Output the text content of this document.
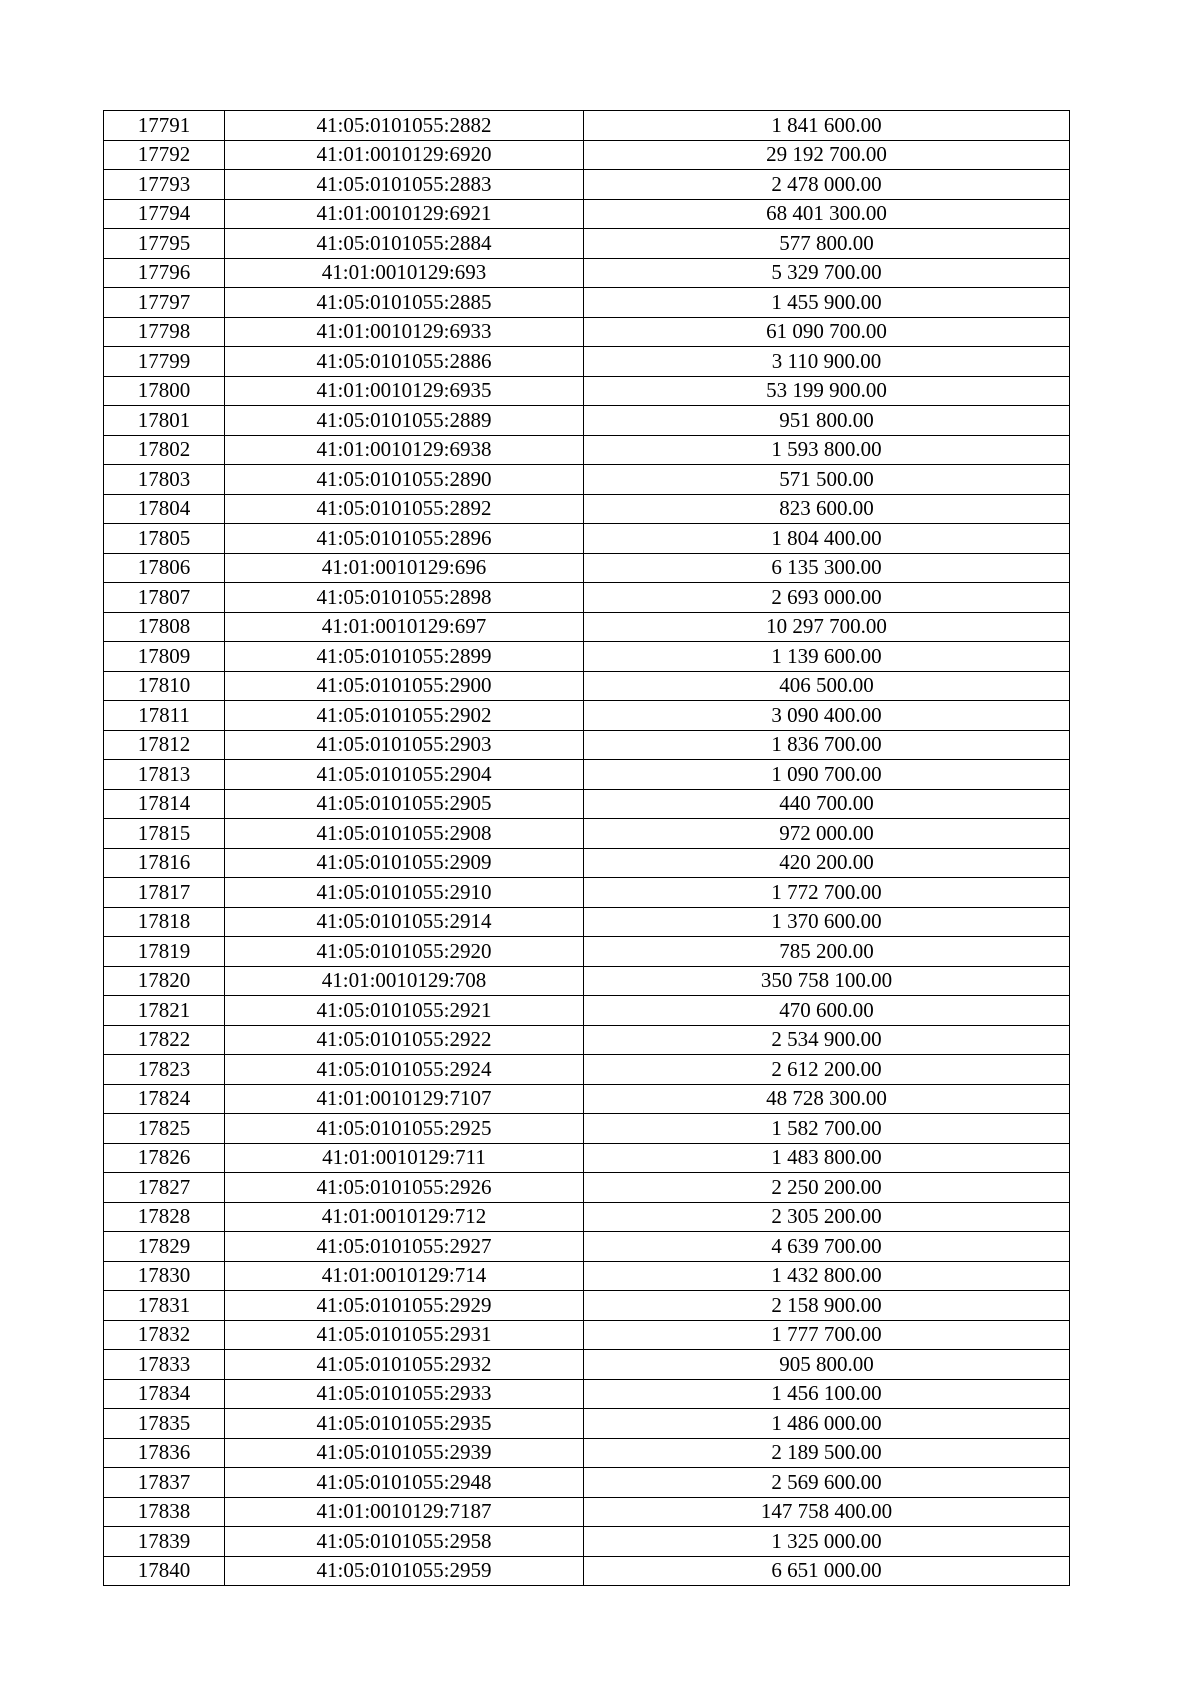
17791	41:05:0101055:2882	1 841 600.00
17792	41:01:0010129:6920	29 192 700.00
17793	41:05:0101055:2883	2 478 000.00
17794	41:01:0010129:6921	68 401 300.00
17795	41:05:0101055:2884	577 800.00
17796	41:01:0010129:693	5 329 700.00
17797	41:05:0101055:2885	1 455 900.00
17798	41:01:0010129:6933	61 090 700.00
17799	41:05:0101055:2886	3 110 900.00
17800	41:01:0010129:6935	53 199 900.00
17801	41:05:0101055:2889	951 800.00
17802	41:01:0010129:6938	1 593 800.00
17803	41:05:0101055:2890	571 500.00
17804	41:05:0101055:2892	823 600.00
17805	41:05:0101055:2896	1 804 400.00
17806	41:01:0010129:696	6 135 300.00
17807	41:05:0101055:2898	2 693 000.00
17808	41:01:0010129:697	10 297 700.00
17809	41:05:0101055:2899	1 139 600.00
17810	41:05:0101055:2900	406 500.00
17811	41:05:0101055:2902	3 090 400.00
17812	41:05:0101055:2903	1 836 700.00
17813	41:05:0101055:2904	1 090 700.00
17814	41:05:0101055:2905	440 700.00
17815	41:05:0101055:2908	972 000.00
17816	41:05:0101055:2909	420 200.00
17817	41:05:0101055:2910	1 772 700.00
17818	41:05:0101055:2914	1 370 600.00
17819	41:05:0101055:2920	785 200.00
17820	41:01:0010129:708	350 758 100.00
17821	41:05:0101055:2921	470 600.00
17822	41:05:0101055:2922	2 534 900.00
17823	41:05:0101055:2924	2 612 200.00
17824	41:01:0010129:7107	48 728 300.00
17825	41:05:0101055:2925	1 582 700.00
17826	41:01:0010129:711	1 483 800.00
17827	41:05:0101055:2926	2 250 200.00
17828	41:01:0010129:712	2 305 200.00
17829	41:05:0101055:2927	4 639 700.00
17830	41:01:0010129:714	1 432 800.00
17831	41:05:0101055:2929	2 158 900.00
17832	41:05:0101055:2931	1 777 700.00
17833	41:05:0101055:2932	905 800.00
17834	41:05:0101055:2933	1 456 100.00
17835	41:05:0101055:2935	1 486 000.00
17836	41:05:0101055:2939	2 189 500.00
17837	41:05:0101055:2948	2 569 600.00
17838	41:01:0010129:7187	147 758 400.00
17839	41:05:0101055:2958	1 325 000.00
17840	41:05:0101055:2959	6 651 000.00
